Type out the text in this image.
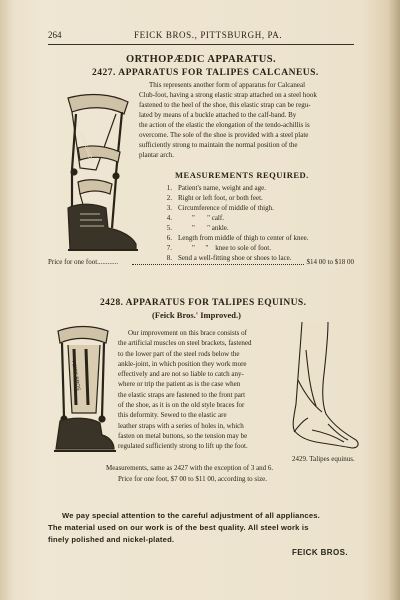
264	FEICK BROS., PITTSBURGH, PA.
ORTHOPÆDIC APPARATUS.
2427. APPARATUS FOR TALIPES CALCANEUS.
FEICK BROS
This represents another form of apparatus for Calcaneal
Club-foot, having a strong elastic strap attached on a steel hook
fastened to the heel of the shoe, this elastic strap can be regu-
lated by means of a buckle attached to the calf-band. By
the action of the elastic the elongation of the tendo-achillis is
overcome. The sole of the shoe is provided with a steel plate
sufficiently strong to maintain the normal position of the
plantar arch.
MEASUREMENTS REQUIRED.
1. Patient's name, weight and age.
2. Right or left foot, or both feet.
3. Circumference of middle of thigh.
4.	"       " calf.
5.	"       " ankle.
6. Length from middle of thigh to center of knee.
7.	"      "    knee to sole of foot.
8. Send a well-fitting shoe or shoes to lace.
Price for one foot............	$14 00 to $18 00
2428. APPARATUS FOR TALIPES EQUINUS.
(Feick Bros.' Improved.)
FEICK BROS
Our improvement on this brace consists of
the artificial muscles on steel brackets, fastened
to the lower part of the steel rods below the
ankle-joint, in which position they work more
effectively and are not so liable to catch any-
where or trip the patient as is the case when
the elastic straps are fastened to the front part
of the shoe, as it is on the old style braces for
this deformity. Sewed to the elastic are
leather straps with a series of holes in, which
fasten on metal buttons, so the tension may be
regulated sufficiently strong to lift up the foot.
2429. Talipes equinus.
Measurements, same as 2427 with the exception of 3 and 6.
Price for one foot, $7 00 to $11 00, according to size.
We pay special attention to the careful adjustment of all appliances.
The material used on our work is of the best quality. All steel work is
finely polished and nickel-plated.
FEICK BROS.
